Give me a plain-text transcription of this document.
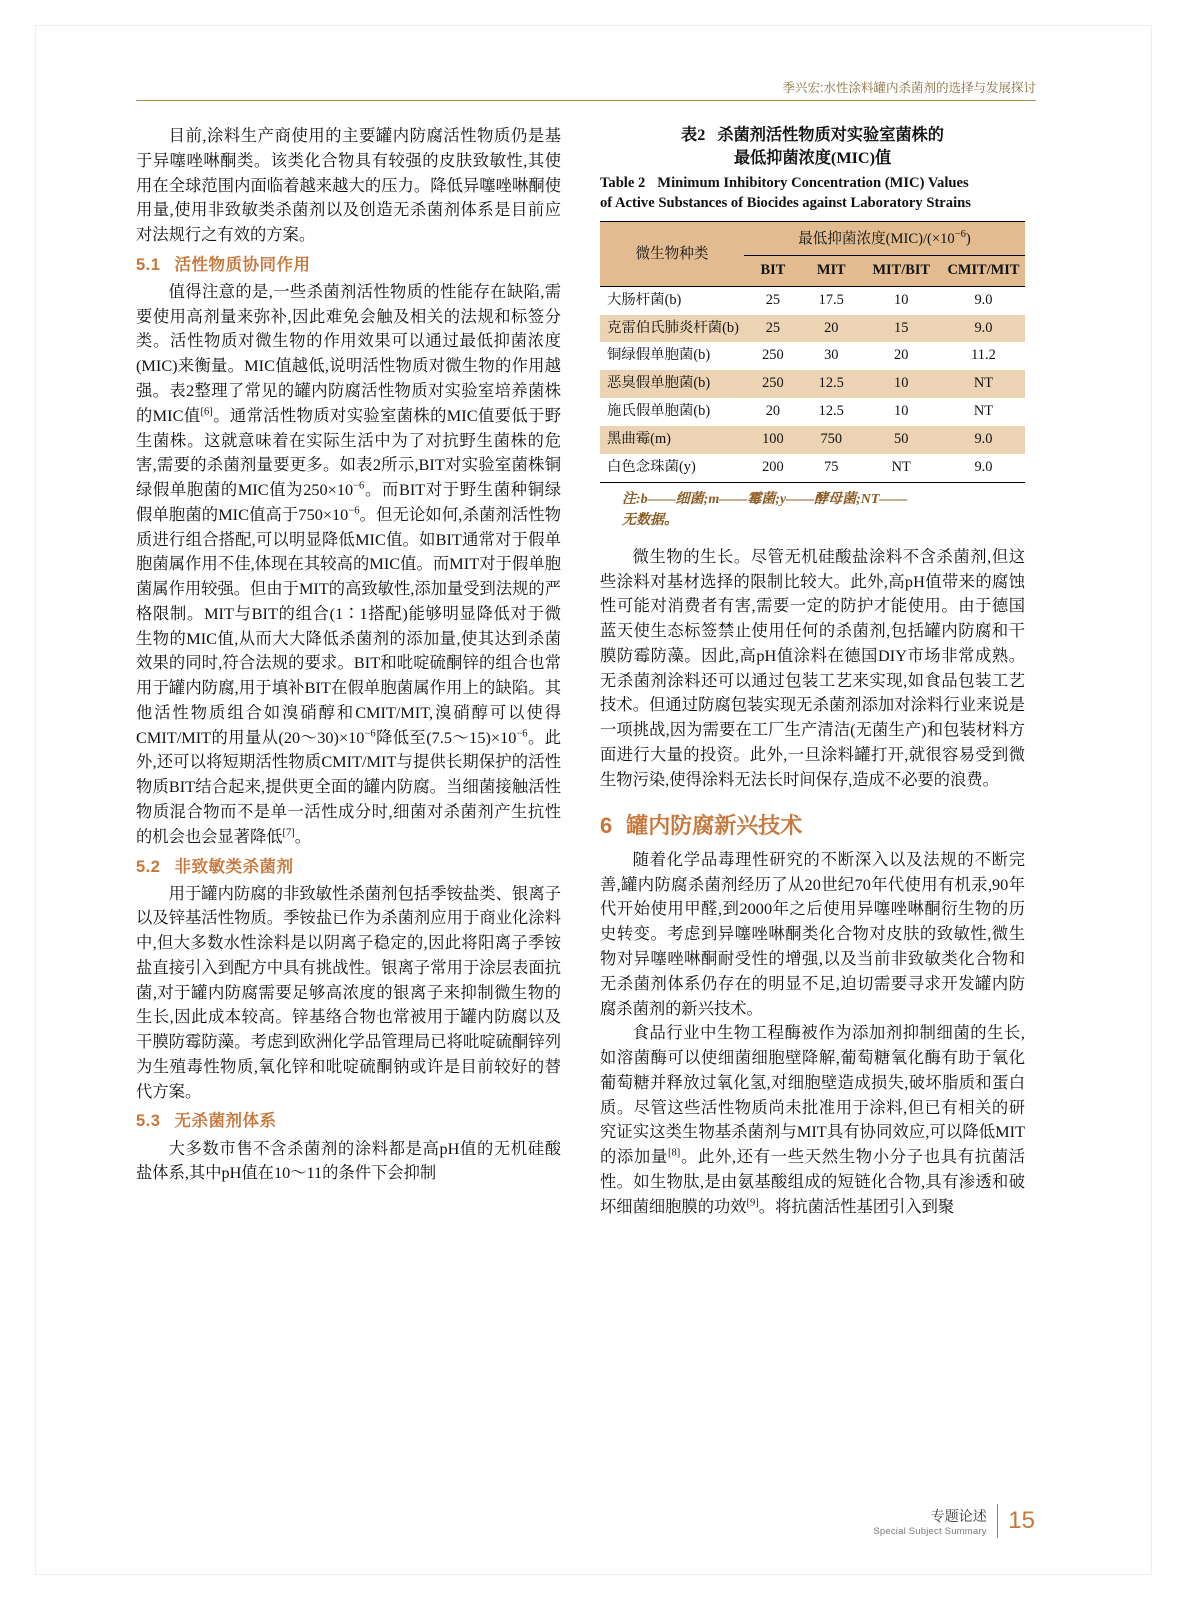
季兴宏:水性涂料罐内杀菌剂的选择与发展探讨

目前,涂料生产商使用的主要罐内防腐活性物质仍是基于异噻唑啉酮类。该类化合物具有较强的皮肤致敏性,其使用在全球范围内面临着越来越大的压力。降低异噻唑啉酮使用量,使用非致敏类杀菌剂以及创造无杀菌剂体系是目前应对法规行之有效的方案。

5.1 活性物质协同作用

值得注意的是,一些杀菌剂活性物质的性能存在缺陷,需要使用高剂量来弥补,因此难免会触及相关的法规和标签分类。活性物质对微生物的作用效果可以通过最低抑菌浓度(MIC)来衡量。MIC值越低,说明活性物质对微生物的作用越强。表2整理了常见的罐内防腐活性物质对实验室培养菌株的MIC值[6]。通常活性物质对实验室菌株的MIC值要低于野生菌株。这就意味着在实际生活中为了对抗野生菌株的危害,需要的杀菌剂量要更多。如表2所示,BIT对实验室菌株铜绿假单胞菌的MIC值为$250\times 10^{-6}$。而BIT对于野生菌种铜绿假单胞菌的MIC值高于$750\times 10^{-6}$。但无论如何,杀菌剂活性物质进行组合搭配,可以明显降低MIC值。如BIT通常对于假单胞菌属作用不佳,体现在其较高的MIC值。而MIT对于假单胞菌属作用较强。但由于MIT的高致敏性,添加量受到法规的严格限制。MIT与BIT的组合(1∶1搭配)能够明显降低对于微生物的MIC值,从而大大降低杀菌剂的添加量,使其达到杀菌效果的同时,符合法规的要求。BIT和吡啶硫酮锌的组合也常用于罐内防腐,用于填补BIT在假单胞菌属作用上的缺陷。其他活性物质组合如溴硝醇和CMIT/MIT,溴硝醇可以使得CMIT/MIT的用量从$(20\sim 30)\times 10^{-6}$降低至$(7.5\sim 15)\times 10^{-6}$。此外,还可以将短期活性物质CMIT/MIT与提供长期保护的活性物质BIT结合起来,提供更全面的罐内防腐。当细菌接触活性物质混合物而不是单一活性成分时,细菌对杀菌剂产生抗性的机会也会显著降低[7]。

5.2 非致敏类杀菌剂

用于罐内防腐的非致敏性杀菌剂包括季铵盐类、银离子以及锌基活性物质。季铵盐已作为杀菌剂应用于商业化涂料中,但大多数水性涂料是以阴离子稳定的,因此将阳离子季铵盐直接引入到配方中具有挑战性。银离子常用于涂层表面抗菌,对于罐内防腐需要足够高浓度的银离子来抑制微生物的生长,因此成本较高。锌基络合物也常被用于罐内防腐以及干膜防霉防藻。考虑到欧洲化学品管理局已将吡啶硫酮锌列为生殖毒性物质,氧化锌和吡啶硫酮钠或许是目前较好的替代方案。

5.3 无杀菌剂体系

大多数市售不含杀菌剂的涂料都是高pH值的无机硅酸盐体系,其中pH值在10～11的条件下会抑制

表2 杀菌剂活性物质对实验室菌株的
最低抑菌浓度(MIC)值
Table 2 Minimum Inhibitory Concentration (MIC) Values
of Active Substances of Biocides against Laboratory Strains
微生物种类	最低抑菌浓度$(MIC)/(\times 10^{-6})$			
	BIT	MIT	MIT/BIT	CMIT/MIT
大肠杆菌(b)	25	17.5	10	9.0
克雷伯氏肺炎杆菌(b)	25	20	15	9.0
铜绿假单胞菌(b)	250	30	20	11.2
恶臭假单胞菌(b)	250	12.5	10	NT
施氏假单胞菌(b)	20	12.5	10	NT
黑曲霉(m)	100	750	50	9.0
白色念珠菌(y)	200	75	NT	9.0
注:b——细菌;m——霉菌;y——酵母菌;NT——
无数据。

微生物的生长。尽管无机硅酸盐涂料不含杀菌剂,但这些涂料对基材选择的限制比较大。此外,高pH值带来的腐蚀性可能对消费者有害,需要一定的防护才能使用。由于德国蓝天使生态标签禁止使用任何的杀菌剂,包括罐内防腐和干膜防霉防藻。因此,高pH值涂料在德国DIY市场非常成熟。无杀菌剂涂料还可以通过包装工艺来实现,如食品包装工艺技术。但通过防腐包装实现无杀菌剂添加对涂料行业来说是一项挑战,因为需要在工厂生产清洁(无菌生产)和包装材料方面进行大量的投资。此外,一旦涂料罐打开,就很容易受到微生物污染,使得涂料无法长时间保存,造成不必要的浪费。

6 罐内防腐新兴技术

随着化学品毒理性研究的不断深入以及法规的不断完善,罐内防腐杀菌剂经历了从20世纪70年代使用有机汞,90年代开始使用甲醛,到2000年之后使用异噻唑啉酮衍生物的历史转变。考虑到异噻唑啉酮类化合物对皮肤的致敏性,微生物对异噻唑啉酮耐受性的增强,以及当前非致敏类化合物和无杀菌剂体系仍存在的明显不足,迫切需要寻求开发罐内防腐杀菌剂的新兴技术。

食品行业中生物工程酶被作为添加剂抑制细菌的生长,如溶菌酶可以使细菌细胞壁降解,葡萄糖氧化酶有助于氧化葡萄糖并释放过氧化氢,对细胞壁造成损失,破坏脂质和蛋白质。尽管这些活性物质尚未批准用于涂料,但已有相关的研究证实这类生物基杀菌剂与MIT具有协同效应,可以降低MIT的添加量[8]。此外,还有一些天然生物小分子也具有抗菌活性。如生物肽,是由氨基酸组成的短链化合物,具有渗透和破坏细菌细胞膜的功效[9]。将抗菌活性基团引入到聚

专题论述
Special Subject Summary 15
